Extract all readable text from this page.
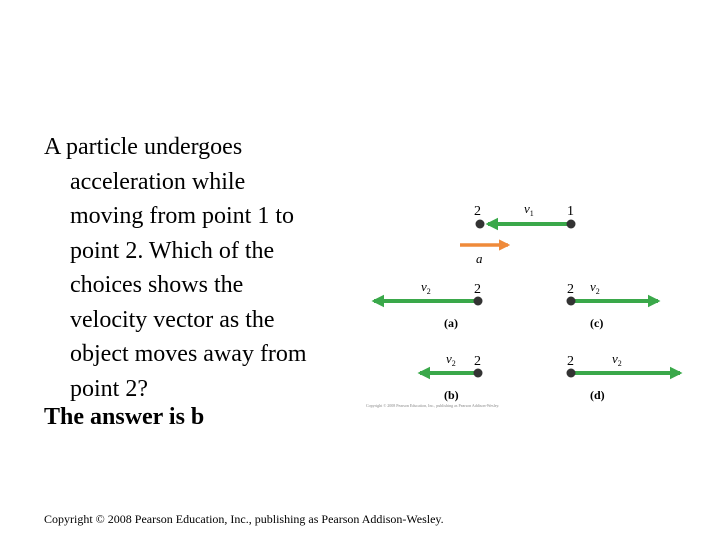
A particle undergoes
acceleration while
moving from point 1 to
point 2. Which of the
choices shows the
velocity vector as the
object moves away from
point 2?
The answer is b
2	1
$v_1$
a
2
$v_2$
(a)
2 $v_2$
(c)
2
$v_2$
(b)
2	$v_2$
(d)
Copyright © 2008 Pearson Education, Inc., publishing as Pearson Addison-Wesley.
Copyright © 2008 Pearson Education, Inc., publishing as Pearson Addison-Wesley.
